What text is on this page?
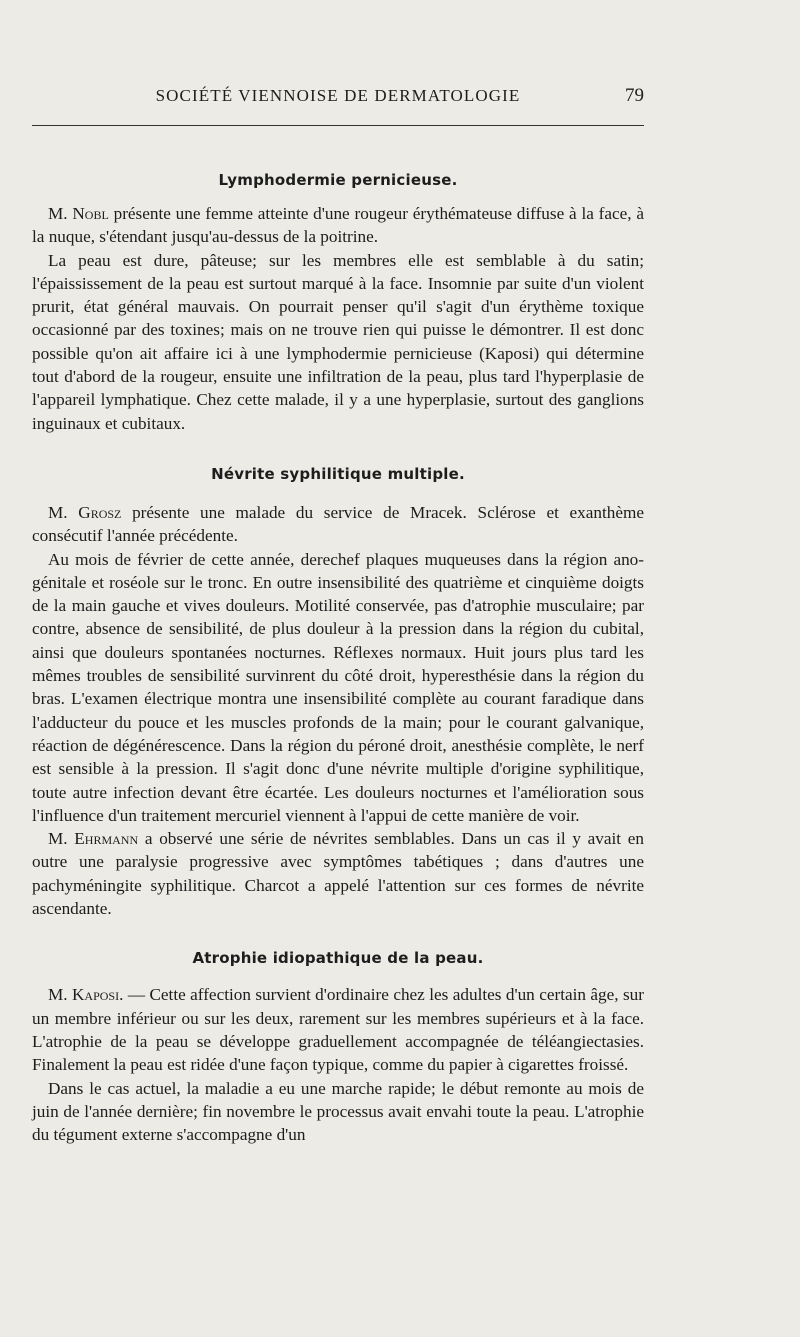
SOCIÉTÉ VIENNOISE DE DERMATOLOGIE	79
Lymphodermie pernicieuse.

M. Nobl présente une femme atteinte d'une rougeur érythémateuse diffuse à la face, à la nuque, s'étendant jusqu'au-dessus de la poitrine.

La peau est dure, pâteuse; sur les membres elle est semblable à du satin; l'épaississement de la peau est surtout marqué à la face. Insomnie par suite d'un violent prurit, état général mauvais. On pourrait penser qu'il s'agit d'un érythème toxique occasionné par des toxines; mais on ne trouve rien qui puisse le démontrer. Il est donc possible qu'on ait affaire ici à une lymphodermie pernicieuse (Kaposi) qui détermine tout d'abord de la rougeur, ensuite une infiltration de la peau, plus tard l'hyperplasie de l'appareil lymphatique. Chez cette malade, il y a une hyperplasie, surtout des ganglions inguinaux et cubitaux.

Névrite syphilitique multiple.

M. Grosz présente une malade du service de Mracek. Sclérose et exanthème consécutif l'année précédente.

Au mois de février de cette année, derechef plaques muqueuses dans la région ano-génitale et roséole sur le tronc. En outre insensibilité des quatrième et cinquième doigts de la main gauche et vives douleurs. Motilité conservée, pas d'atrophie musculaire; par contre, absence de sensibilité, de plus douleur à la pression dans la région du cubital, ainsi que douleurs spontanées nocturnes. Réflexes normaux. Huit jours plus tard les mêmes troubles de sensibilité survinrent du côté droit, hyperesthésie dans la région du bras. L'examen électrique montra une insensibilité complète au courant faradique dans l'adducteur du pouce et les muscles profonds de la main; pour le courant galvanique, réaction de dégénérescence. Dans la région du péroné droit, anesthésie complète, le nerf est sensible à la pression. Il s'agit donc d'une névrite multiple d'origine syphilitique, toute autre infection devant être écartée. Les douleurs nocturnes et l'amélioration sous l'influence d'un traitement mercuriel viennent à l'appui de cette manière de voir.

M. Ehrmann a observé une série de névrites semblables. Dans un cas il y avait en outre une paralysie progressive avec symptômes tabétiques ; dans d'autres une pachyméningite syphilitique. Charcot a appelé l'attention sur ces formes de névrite ascendante.

Atrophie idiopathique de la peau.

M. Kaposi. — Cette affection survient d'ordinaire chez les adultes d'un certain âge, sur un membre inférieur ou sur les deux, rarement sur les membres supérieurs et à la face. L'atrophie de la peau se développe graduellement accompagnée de téléangiectasies. Finalement la peau est ridée d'une façon typique, comme du papier à cigarettes froissé.

Dans le cas actuel, la maladie a eu une marche rapide; le début remonte au mois de juin de l'année dernière; fin novembre le processus avait envahi toute la peau. L'atrophie du tégument externe s'accompagne d'un
